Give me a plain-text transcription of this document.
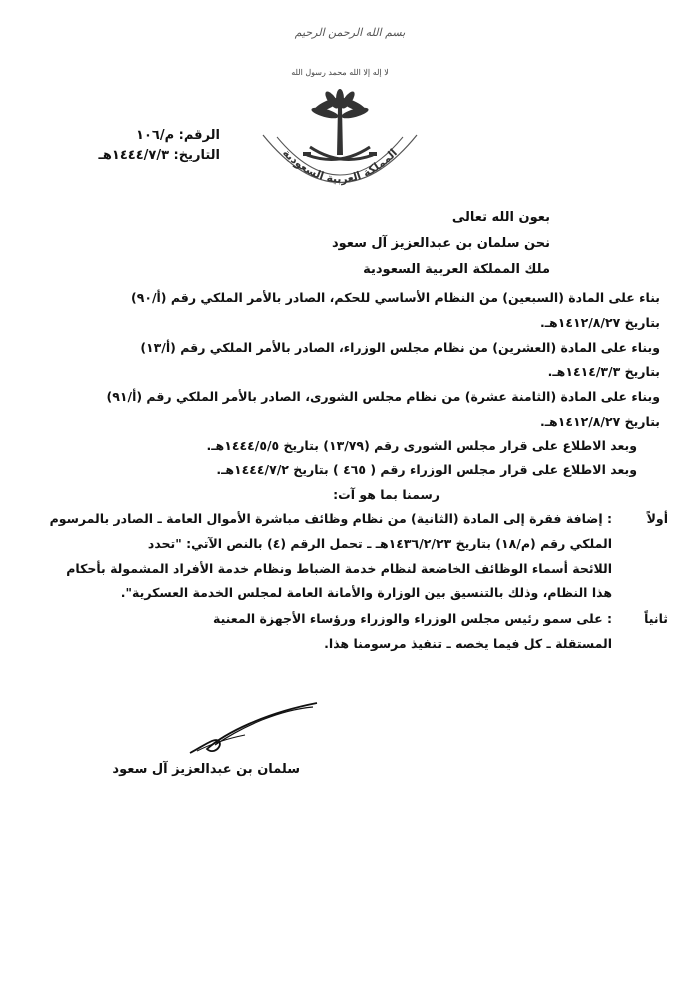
بسم الله الرحمن الرحيم
لا إله إلا الله محمد رسول الله
المملكة العربية السعودية
الرقم: م/١٠٦
التاريخ: ١٤٤٤/٧/٣هـ
بعون الله تعالى
نحن سلمان بن عبدالعزيز آل سعود
ملك المملكة العربية السعودية
بناء على المادة (السبعين) من النظام الأساسي للحكم، الصادر بالأمر الملكي رقم (أ/٩٠)
بتاريخ ١٤١٢/٨/٢٧هـ.
وبناء على المادة (العشرين) من نظام مجلس الوزراء، الصادر بالأمر الملكي رقم (أ/١٣)
بتاريخ ١٤١٤/٣/٣هـ.
وبناء على المادة (الثامنة عشرة) من نظام مجلس الشورى، الصادر بالأمر الملكي رقم (أ/٩١)
بتاريخ ١٤١٢/٨/٢٧هـ.
وبعد الاطلاع على قرار مجلس الشورى رقم (١٣/٧٩) بتاريخ ١٤٤٤/٥/٥هـ.
وبعد الاطلاع على قرار مجلس الوزراء رقم ( ٤٦٥ ) بتاريخ ١٤٤٤/٧/٢هـ.
رسمنا بما هو آت:
أولاً
: إضافة فقرة إلى المادة (الثانية) من نظام وظائف مباشرة الأموال العامة ـ الصادر بالمرسوم
الملكي رقم (م/١٨) بتاريخ ١٤٣٦/٢/٢٣هـ ـ تحمل الرقم (٤) بالنص الآتي: "تحدد
اللائحة أسماء الوظائف الخاضعة لنظام خدمة الضباط ونظام خدمة الأفراد المشمولة بأحكام
هذا النظام، وذلك بالتنسيق بين الوزارة والأمانة العامة لمجلس الخدمة العسكرية".
ثانياً
: على سمو رئيس مجلس الوزراء والوزراء ورؤساء الأجهزة المعنية
المستقلة ـ كل فيما يخصه ـ تنفيذ مرسومنا هذا.
سلمان بن عبدالعزيز آل سعود
